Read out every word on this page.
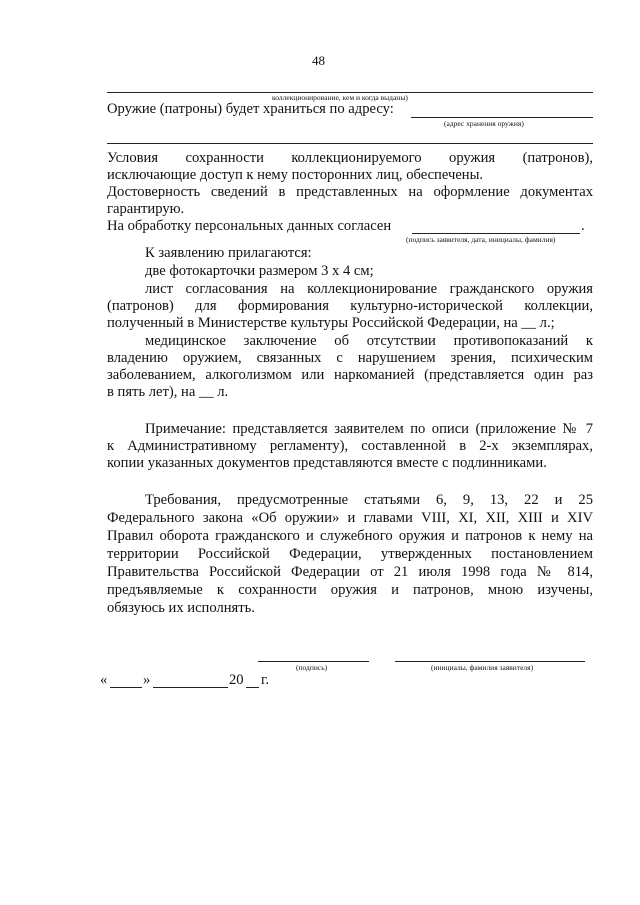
48
коллекционирование, кем и когда выданы)
Оружие (патроны) будет храниться по адресу:
(адрес хранения оружия)
Условия сохранности коллекционируемого оружия (патронов),
исключающие доступ к нему посторонних лиц, обеспечены.
Достоверность сведений в представленных на оформление документах
гарантирую.
На обработку персональных данных согласен	.
(подпись заявителя, дата, инициалы, фамилия)
К заявлению прилагаются:
две фотокарточки размером 3 х 4 см;
лист согласования на коллекционирование гражданского оружия
(патронов) для формирования культурно-исторической коллекции,
полученный в Министерстве культуры Российской Федерации, на __ л.;
медицинское заключение об отсутствии противопоказаний к
владению оружием, связанных с нарушением зрения, психическим
заболеванием, алкоголизмом или наркоманией (представляется один раз
в пять лет), на __ л.
Примечание: представляется заявителем по описи (приложение № 7
к Административному регламенту), составленной в 2-х экземплярах,
копии указанных документов представляются вместе с подлинниками.
Требования, предусмотренные статьями 6, 9, 13, 22 и 25
Федерального закона «Об оружии» и главами VIII, XI, XII, XIII и XIV
Правил оборота гражданского и служебного оружия и патронов к нему на
территории Российской Федерации, утвержденных постановлением
Правительства Российской Федерации от 21 июля 1998 года № 814,
предъявляемые к сохранности оружия и патронов, мною изучены,
обязуюсь их исполнять.
(подпись)	(инициалы, фамилия заявителя)
« »	20 г.
